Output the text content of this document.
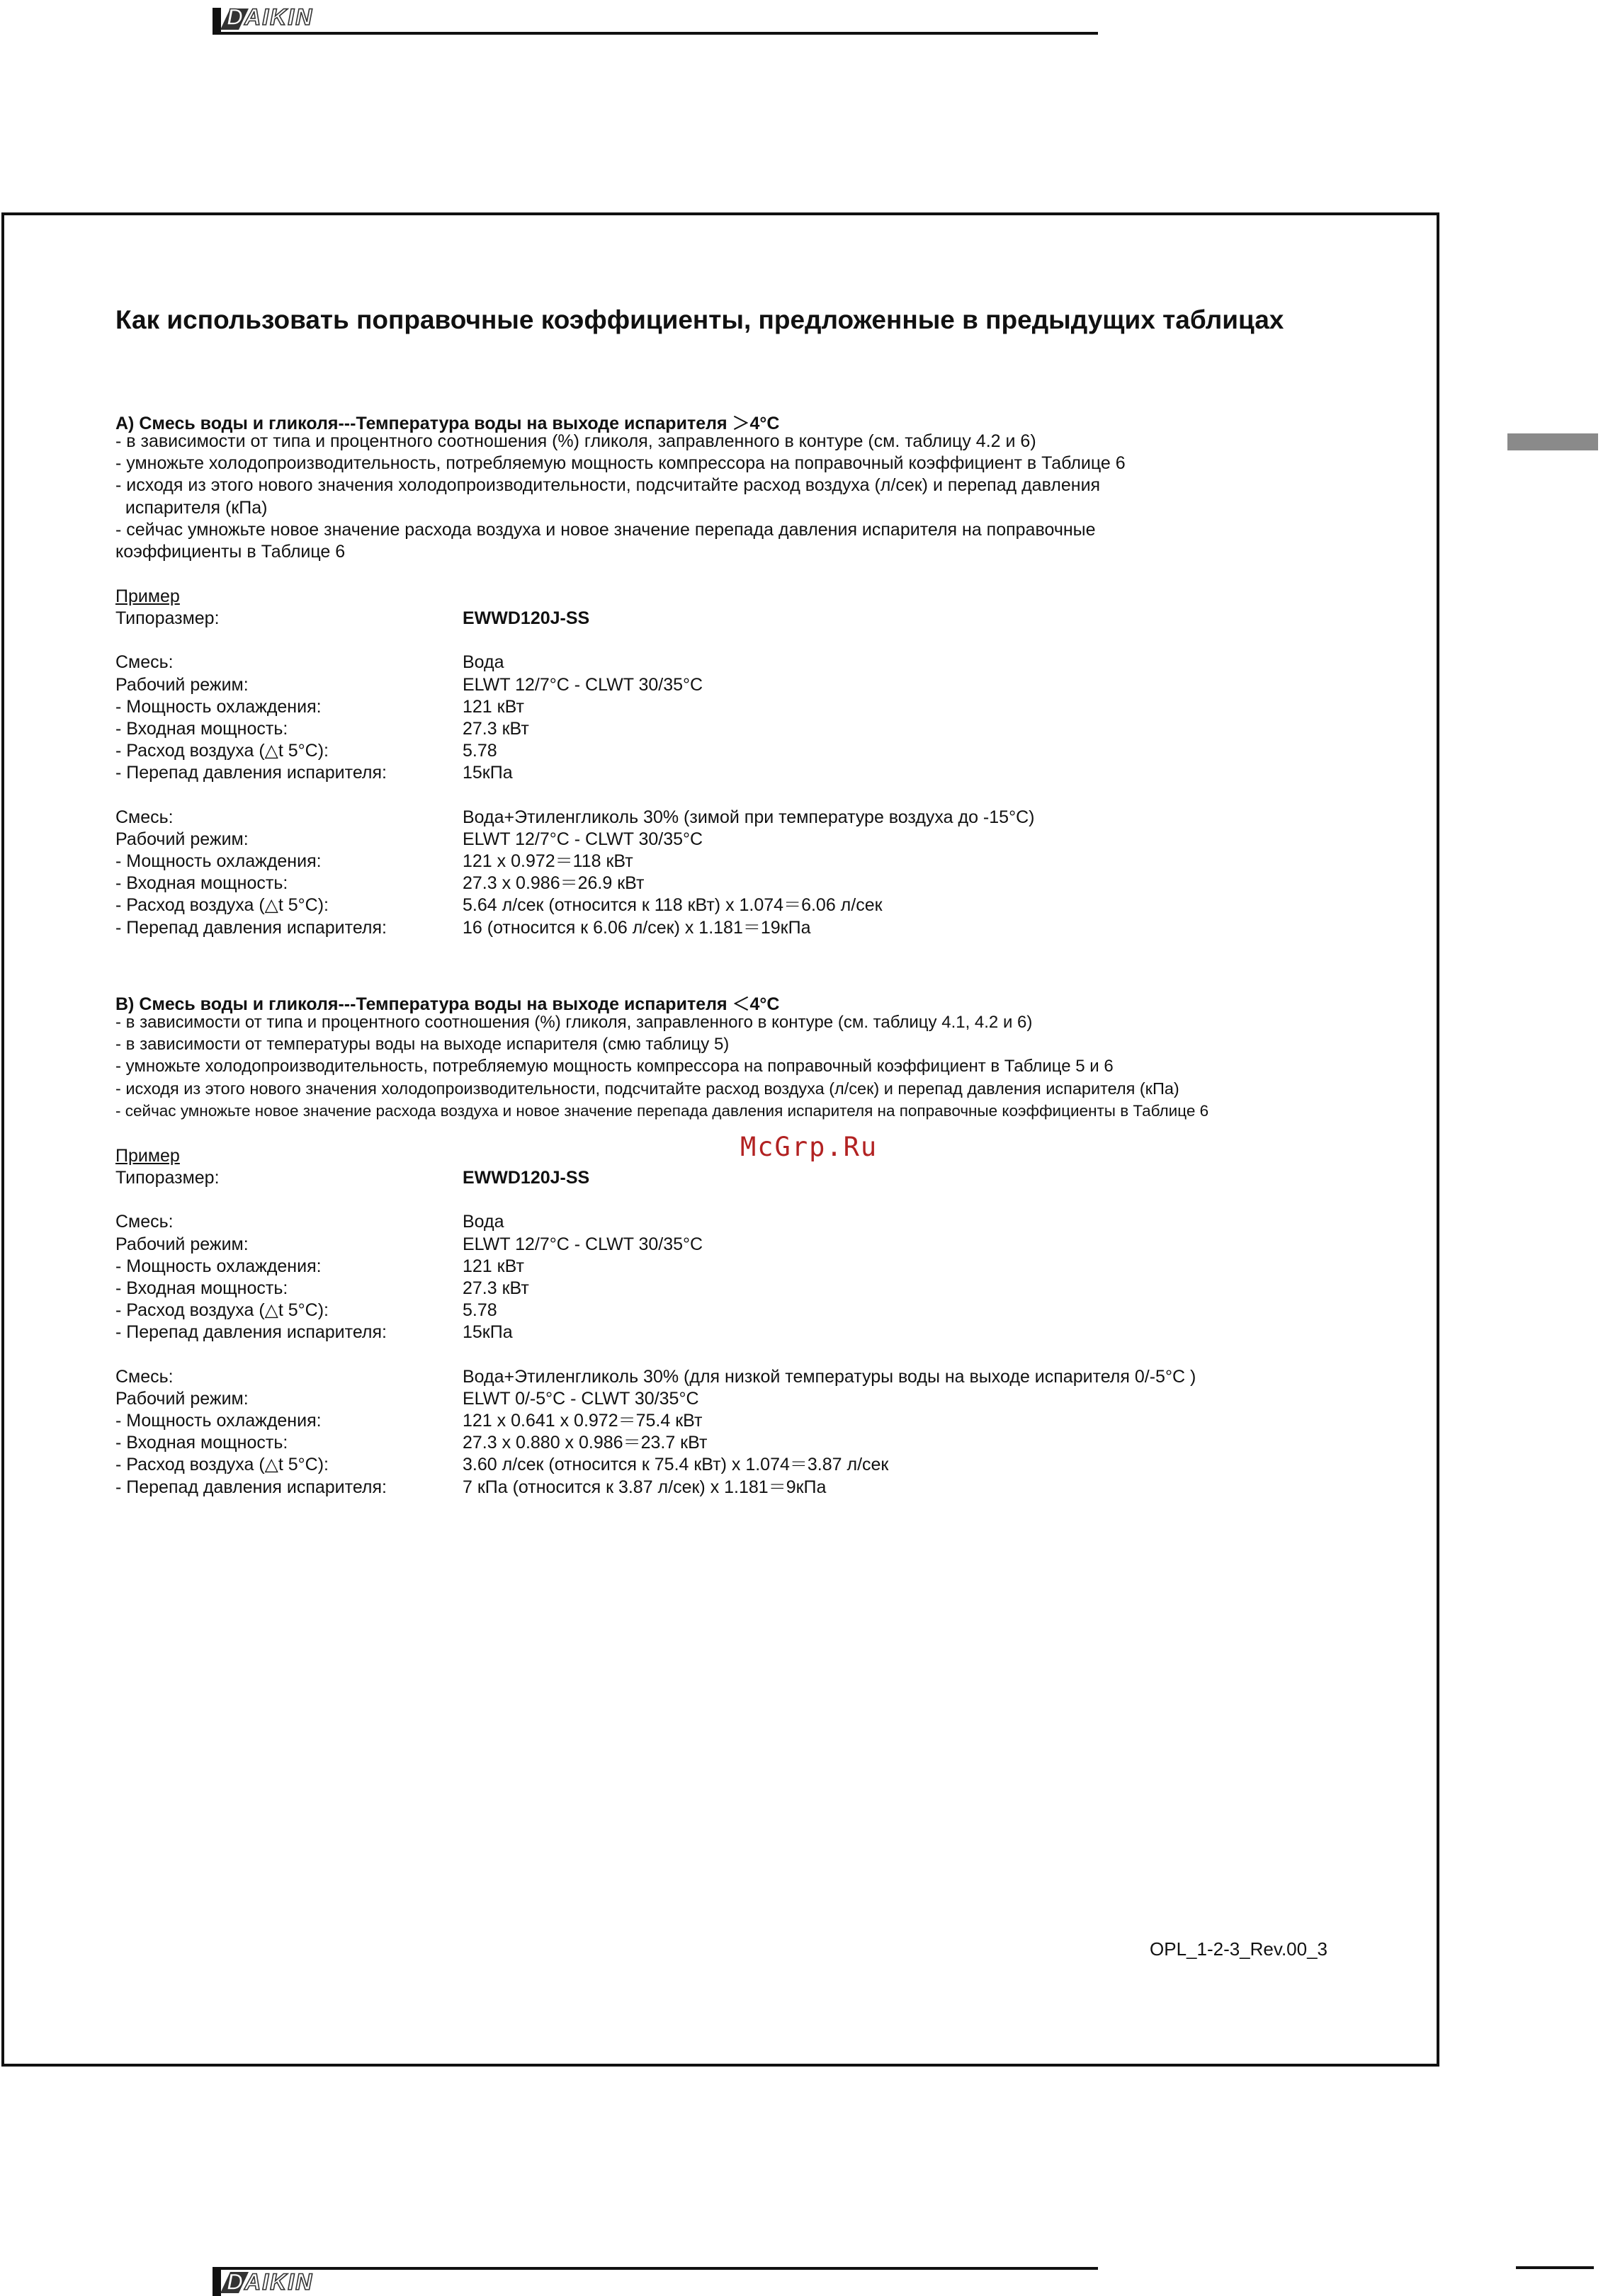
DAIKIN
Как использовать поправочные коэффициенты, предложенные в предыдущих таблицах

A) Смесь воды и гликоля---Температура воды на выходе испарителя ＞4°C

- в зависимости от типа и процентного соотношения (%) гликоля, заправленного в контуре (см. таблицу 4.2 и 6)
- умножьте холодопроизводительность, потребляемую мощность компрессора на поправочный коэффициент в Таблице 6
- исходя из этого нового значения холодопроизводительности, подсчитайте расход воздуха (л/сек) и перепад давления
испарителя (кПа)
- сейчас умножьте новое значение расхода воздуха и новое значение перепада давления испарителя на поправочные
коэффициенты в Таблице 6

Пример

Типоразмер:	EWWD120J-SS
Смесь:	Вода
Рабочий режим:	ELWT 12/7°C - CLWT 30/35°C
- Мощность охлаждения:	121 кВт
- Входная мощность:	27.3 кВт
- Расход воздуха (△t 5°C):	5.78
- Перепад давления испарителя:	15кПа
Смесь:	Вода+Этиленгликоль 30% (зимой при температуре воздуха до -15°C)
Рабочий режим:	ELWT 12/7°C - CLWT 30/35°C
- Мощность охлаждения:	121 x 0.972＝118 кВт
- Входная мощность:	27.3 x 0.986＝26.9 кВт
- Расход воздуха (△t 5°C):	5.64 л/сек (относится к 118 кВт) x 1.074＝6.06 л/сек
- Перепад давления испарителя:	16 (относится к 6.06 л/сек) x 1.181＝19кПа

B) Смесь воды и гликоля---Температура воды на выходе испарителя ＜4°C

- в зависимости от типа и процентного соотношения (%) гликоля, заправленного в контуре (см. таблицу 4.1, 4.2 и 6)
- в зависимости от температуры воды на выходе испарителя (смю таблицу 5)
- умножьте холодопроизводительность, потребляемую мощность компрессора на поправочный коэффициент в Таблице 5 и 6
- исходя из этого нового значения холодопроизводительности, подсчитайте расход воздуха (л/сек) и перепад давления испарителя (кПа)
- сейчас умножьте новое значение расхода воздуха и новое значение перепада давления испарителя на поправочные коэффициенты в Таблице 6
McGrp.Ru

Пример

Типоразмер:	EWWD120J-SS
Смесь:	Вода
Рабочий режим:	ELWT 12/7°C - CLWT 30/35°C
- Мощность охлаждения:	121 кВт
- Входная мощность:	27.3 кВт
- Расход воздуха (△t 5°C):	5.78
- Перепад давления испарителя:	15кПа
Смесь:	Вода+Этиленгликоль 30% (для низкой температуры воды на выходе испарителя 0/-5°C )
Рабочий режим:	ELWT 0/-5°C - CLWT 30/35°C
- Мощность охлаждения:	121 x 0.641 x 0.972＝75.4 кВт
- Входная мощность:	27.3 x 0.880 x 0.986＝23.7 кВт
- Расход воздуха (△t 5°C):	3.60 л/сек (относится к 75.4 кВт) x 1.074＝3.87 л/сек
- Перепад давления испарителя:	7 кПа (относится к 3.87 л/сек) x 1.181＝9кПа
OPL_1-2-3_Rev.00_3
DAIKIN
